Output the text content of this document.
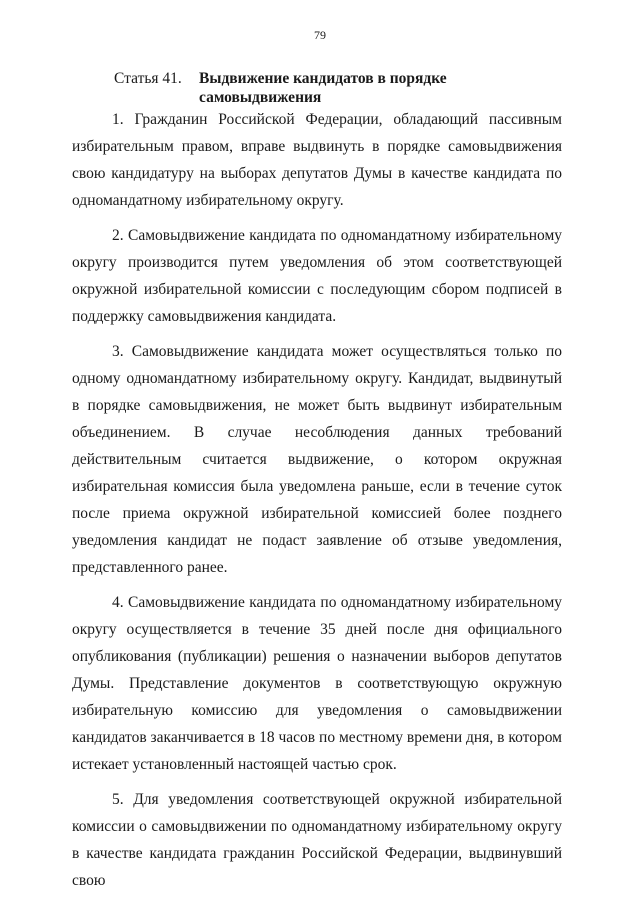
79
Статья 41.	Выдвижение кандидатов в порядке самовыдвижения

1. Гражданин Российской Федерации, обладающий пассивным избирательным правом, вправе выдвинуть в порядке самовыдвижения свою кандидатуру на выборах депутатов Думы в качестве кандидата по одномандатному избирательному округу.

2. Самовыдвижение кандидата по одномандатному избирательному округу производится путем уведомления об этом соответствующей окружной избирательной комиссии с последующим сбором подписей в поддержку самовыдвижения кандидата.

3. Самовыдвижение кандидата может осуществляться только по одному одномандатному избирательному округу. Кандидат, выдвинутый в порядке самовыдвижения, не может быть выдвинут избирательным объединением. В случае несоблюдения данных требований действительным считается выдвижение, о котором окружная избирательная комиссия была уведомлена раньше, если в течение суток после приема окружной избирательной комиссией более позднего уведомления кандидат не подаст заявление об отзыве уведомления, представленного ранее.

4. Самовыдвижение кандидата по одномандатному избирательному округу осуществляется в течение 35 дней после дня официального опубликования (публикации) решения о назначении выборов депутатов Думы. Представление документов в соответствующую окружную избирательную комиссию для уведомления о самовыдвижении кандидатов заканчивается в 18 часов по местному времени дня, в котором истекает установленный настоящей частью срок.

5. Для уведомления соответствующей окружной избирательной комиссии о самовыдвижении по одномандатному избирательному округу в качестве кандидата гражданин Российской Федерации, выдвинувший свою
